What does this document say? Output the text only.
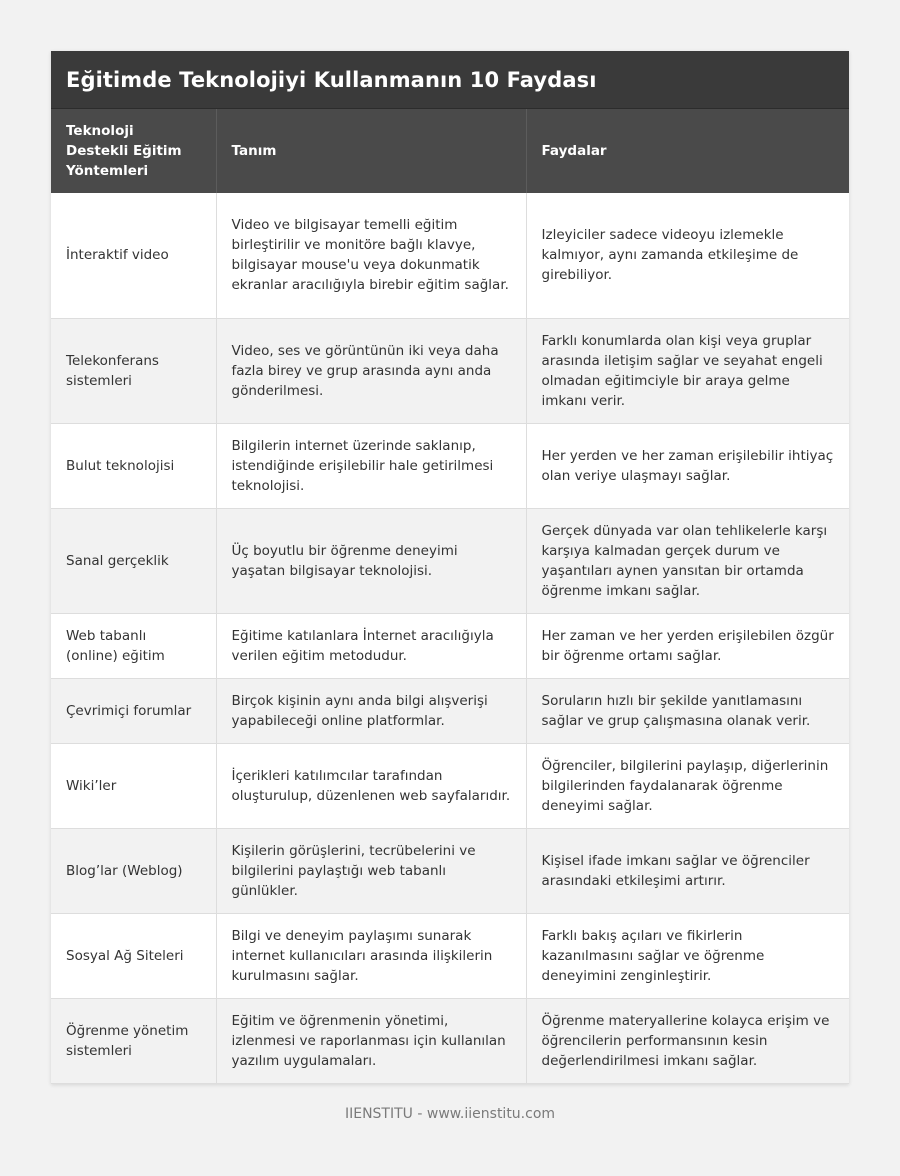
Eğitimde Teknolojiyi Kullanmanın 10 Faydası
Teknoloji Destekli Eğitim Yöntemleri	Tanım	Faydalar
İnteraktif video	Video ve bilgisayar temelli eğitim birleştirilir ve monitöre bağlı klavye, bilgisayar mouse'u veya dokunmatik ekranlar aracılığıyla birebir eğitim sağlar.	Izleyiciler sadece videoyu izlemekle kalmıyor, aynı zamanda etkileşime de girebiliyor.
Telekonferans sistemleri	Video, ses ve görüntünün iki veya daha fazla birey ve grup arasında aynı anda gönderilmesi.	Farklı konumlarda olan kişi veya gruplar arasında iletişim sağlar ve seyahat engeli olmadan eğitimciyle bir araya gelme imkanı verir.
Bulut teknolojisi	Bilgilerin internet üzerinde saklanıp, istendiğinde erişilebilir hale getirilmesi teknolojisi.	Her yerden ve her zaman erişilebilir ihtiyaç olan veriye ulaşmayı sağlar.
Sanal gerçeklik	Üç boyutlu bir öğrenme deneyimi yaşatan bilgisayar teknolojisi.	Gerçek dünyada var olan tehlikelerle karşı karşıya kalmadan gerçek durum ve yaşantıları aynen yansıtan bir ortamda öğrenme imkanı sağlar.
Web tabanlı (online) eğitim	Eğitime katılanlara İnternet aracılığıyla verilen eğitim metodudur.	Her zaman ve her yerden erişilebilen özgür bir öğrenme ortamı sağlar.
Çevrimiçi forumlar	Birçok kişinin aynı anda bilgi alışverişi yapabileceği online platformlar.	Soruların hızlı bir şekilde yanıtlamasını sağlar ve grup çalışmasına olanak verir.
Wiki’ler	İçerikleri katılımcılar tarafından oluşturulup, düzenlenen web sayfalarıdır.	Öğrenciler, bilgilerini paylaşıp, diğerlerinin bilgilerinden faydalanarak öğrenme deneyimi sağlar.
Blog’lar (Weblog)	Kişilerin görüşlerini, tecrübelerini ve bilgilerini paylaştığı web tabanlı günlükler.	Kişisel ifade imkanı sağlar ve öğrenciler arasındaki etkileşimi artırır.
Sosyal Ağ Siteleri	Bilgi ve deneyim paylaşımı sunarak internet kullanıcıları arasında ilişkilerin kurulmasını sağlar.	Farklı bakış açıları ve fikirlerin kazanılmasını sağlar ve öğrenme deneyimini zenginleştirir.
Öğrenme yönetim sistemleri	Eğitim ve öğrenmenin yönetimi, izlenmesi ve raporlanması için kullanılan yazılım uygulamaları.	Öğrenme materyallerine kolayca erişim ve öğrencilerin performansının kesin değerlendirilmesi imkanı sağlar.
IIENSTITU - www.iienstitu.com
